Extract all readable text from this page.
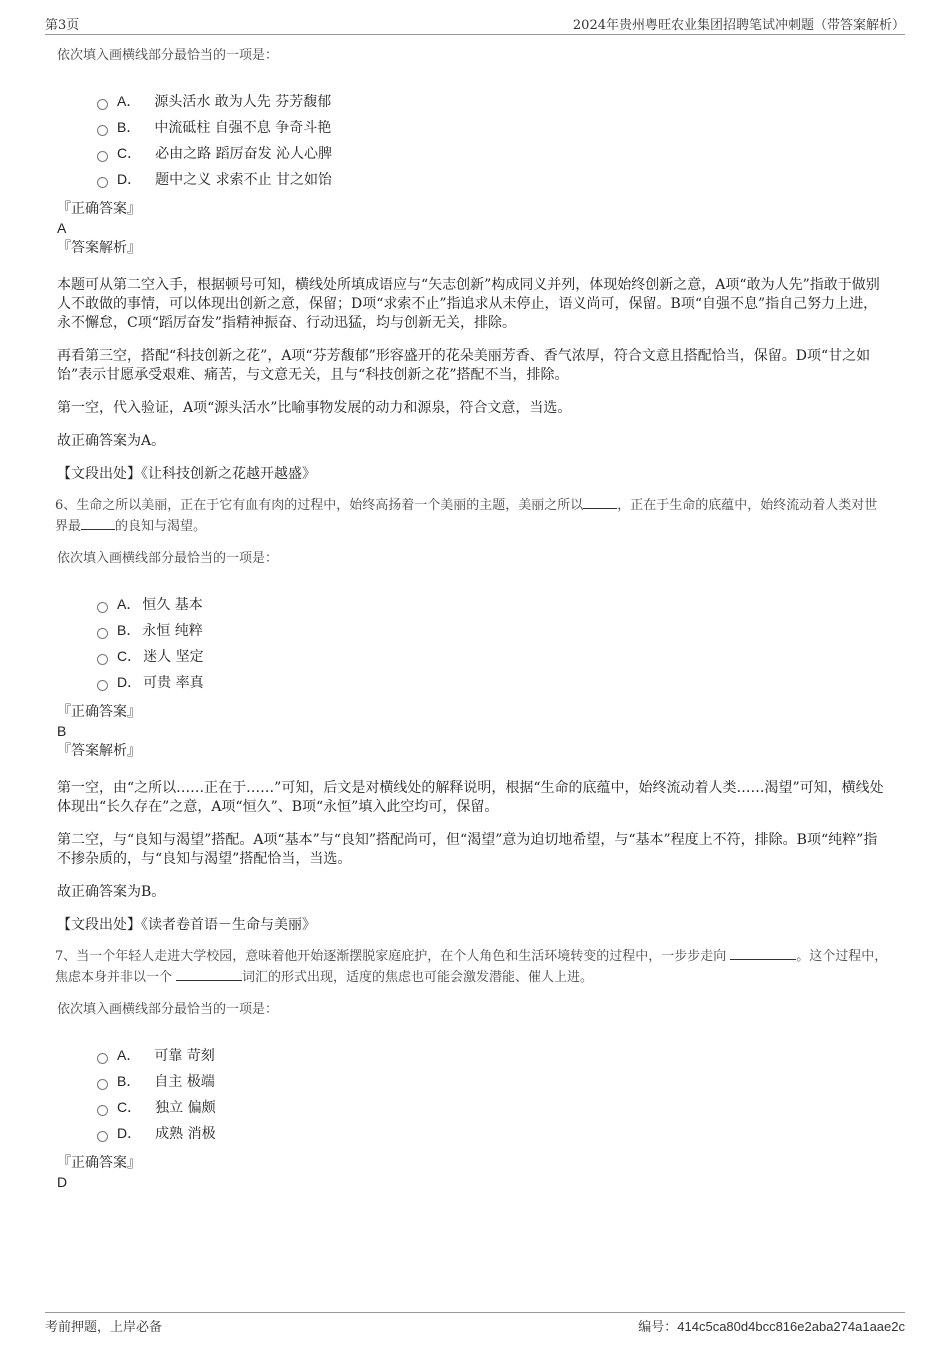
第3页	2024年贵州粤旺农业集团招聘笔试冲刺题（带答案解析）

依次填入画横线部分最恰当的一项是：

A． 源头活水 敢为人先 芬芳馥郁
B． 中流砥柱 自强不息 争奇斗艳
C． 必由之路 蹈厉奋发 沁人心脾
D． 题中之义 求索不止 甘之如饴

『正确答案』

A

『答案解析』

本题可从第二空入手，根据顿号可知，横线处所填成语应与“矢志创新”构成同义并列，体现始终创新之意，A项“敢为人先”指敢于做别人不敢做的事情，可以体现出创新之意，保留；D项“求索不止”指追求从未停止，语义尚可，保留。B项“自强不息”指自己努力上进，永不懈怠，C项“蹈厉奋发”指精神振奋、行动迅猛，均与创新无关，排除。

再看第三空，搭配“科技创新之花”，A项“芬芳馥郁”形容盛开的花朵美丽芳香、香气浓厚，符合文意且搭配恰当，保留。D项“甘之如饴”表示甘愿承受艰难、痛苦，与文意无关，且与“科技创新之花”搭配不当，排除。

第一空，代入验证，A项“源头活水”比喻事物发展的动力和源泉，符合文意，当选。

故正确答案为A。

【文段出处】《让科技创新之花越开越盛》

6、生命之所以美丽，正在于它有血有肉的过程中，始终高扬着一个美丽的主题，美丽之所以	，正在于生命的底蕴中，始终流动着人类对世界最	的良知与渴望。

依次填入画横线部分最恰当的一项是：

A． 恒久 基本
B． 永恒 纯粹
C． 迷人 坚定
D． 可贵 率真

『正确答案』

B

『答案解析』

第一空，由“之所以……正在于……”可知，后文是对横线处的解释说明，根据“生命的底蕴中，始终流动着人类……渴望”可知，横线处体现出“长久存在”之意，A项“恒久”、B项“永恒”填入此空均可，保留。

第二空，与“良知与渴望”搭配。A项“基本”与“良知”搭配尚可，但“渴望”意为迫切地希望，与“基本”程度上不符，排除。B项“纯粹”指不掺杂质的，与“良知与渴望”搭配恰当，当选。

故正确答案为B。

【文段出处】《读者卷首语－生命与美丽》

7、当一个年轻人走进大学校园，意味着他开始逐渐摆脱家庭庇护，在个人角色和生活环境转变的过程中，一步步走向	。这个过程中，焦虑本身并非以一个	词汇的形式出现，适度的焦虑也可能会激发潜能、催人上进。

依次填入画横线部分最恰当的一项是：

A． 可靠 苛刻
B． 自主 极端
C． 独立 偏颇
D． 成熟 消极

『正确答案』

D

考前押题，上岸必备	编号：414c5ca80d4bcc816e2aba274a1aae2c
